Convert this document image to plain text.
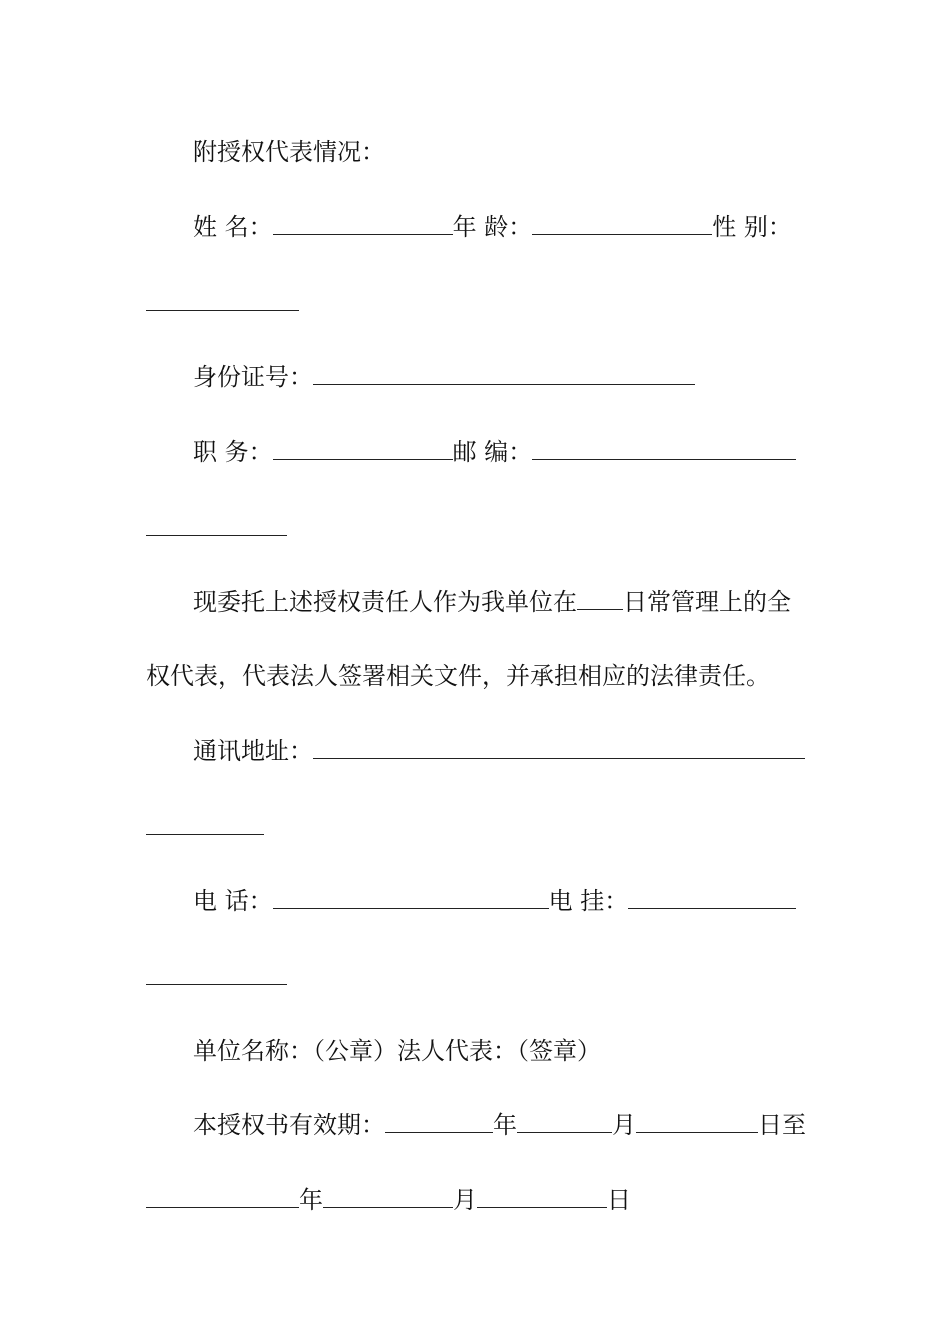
附授权代表情况：
姓 名：	年 龄：	性 别：
身份证号：
职 务：	邮 编：
现委托上述授权责任人作为我单位在 日常管理上的全
权代表，代表法人签署相关文件，并承担相应的法律责任。
通讯地址：
电 话：	电 挂：
单位名称：（公章）法人代表：（签章）
本授权书有效期：	年	月	日至
年	月	日
